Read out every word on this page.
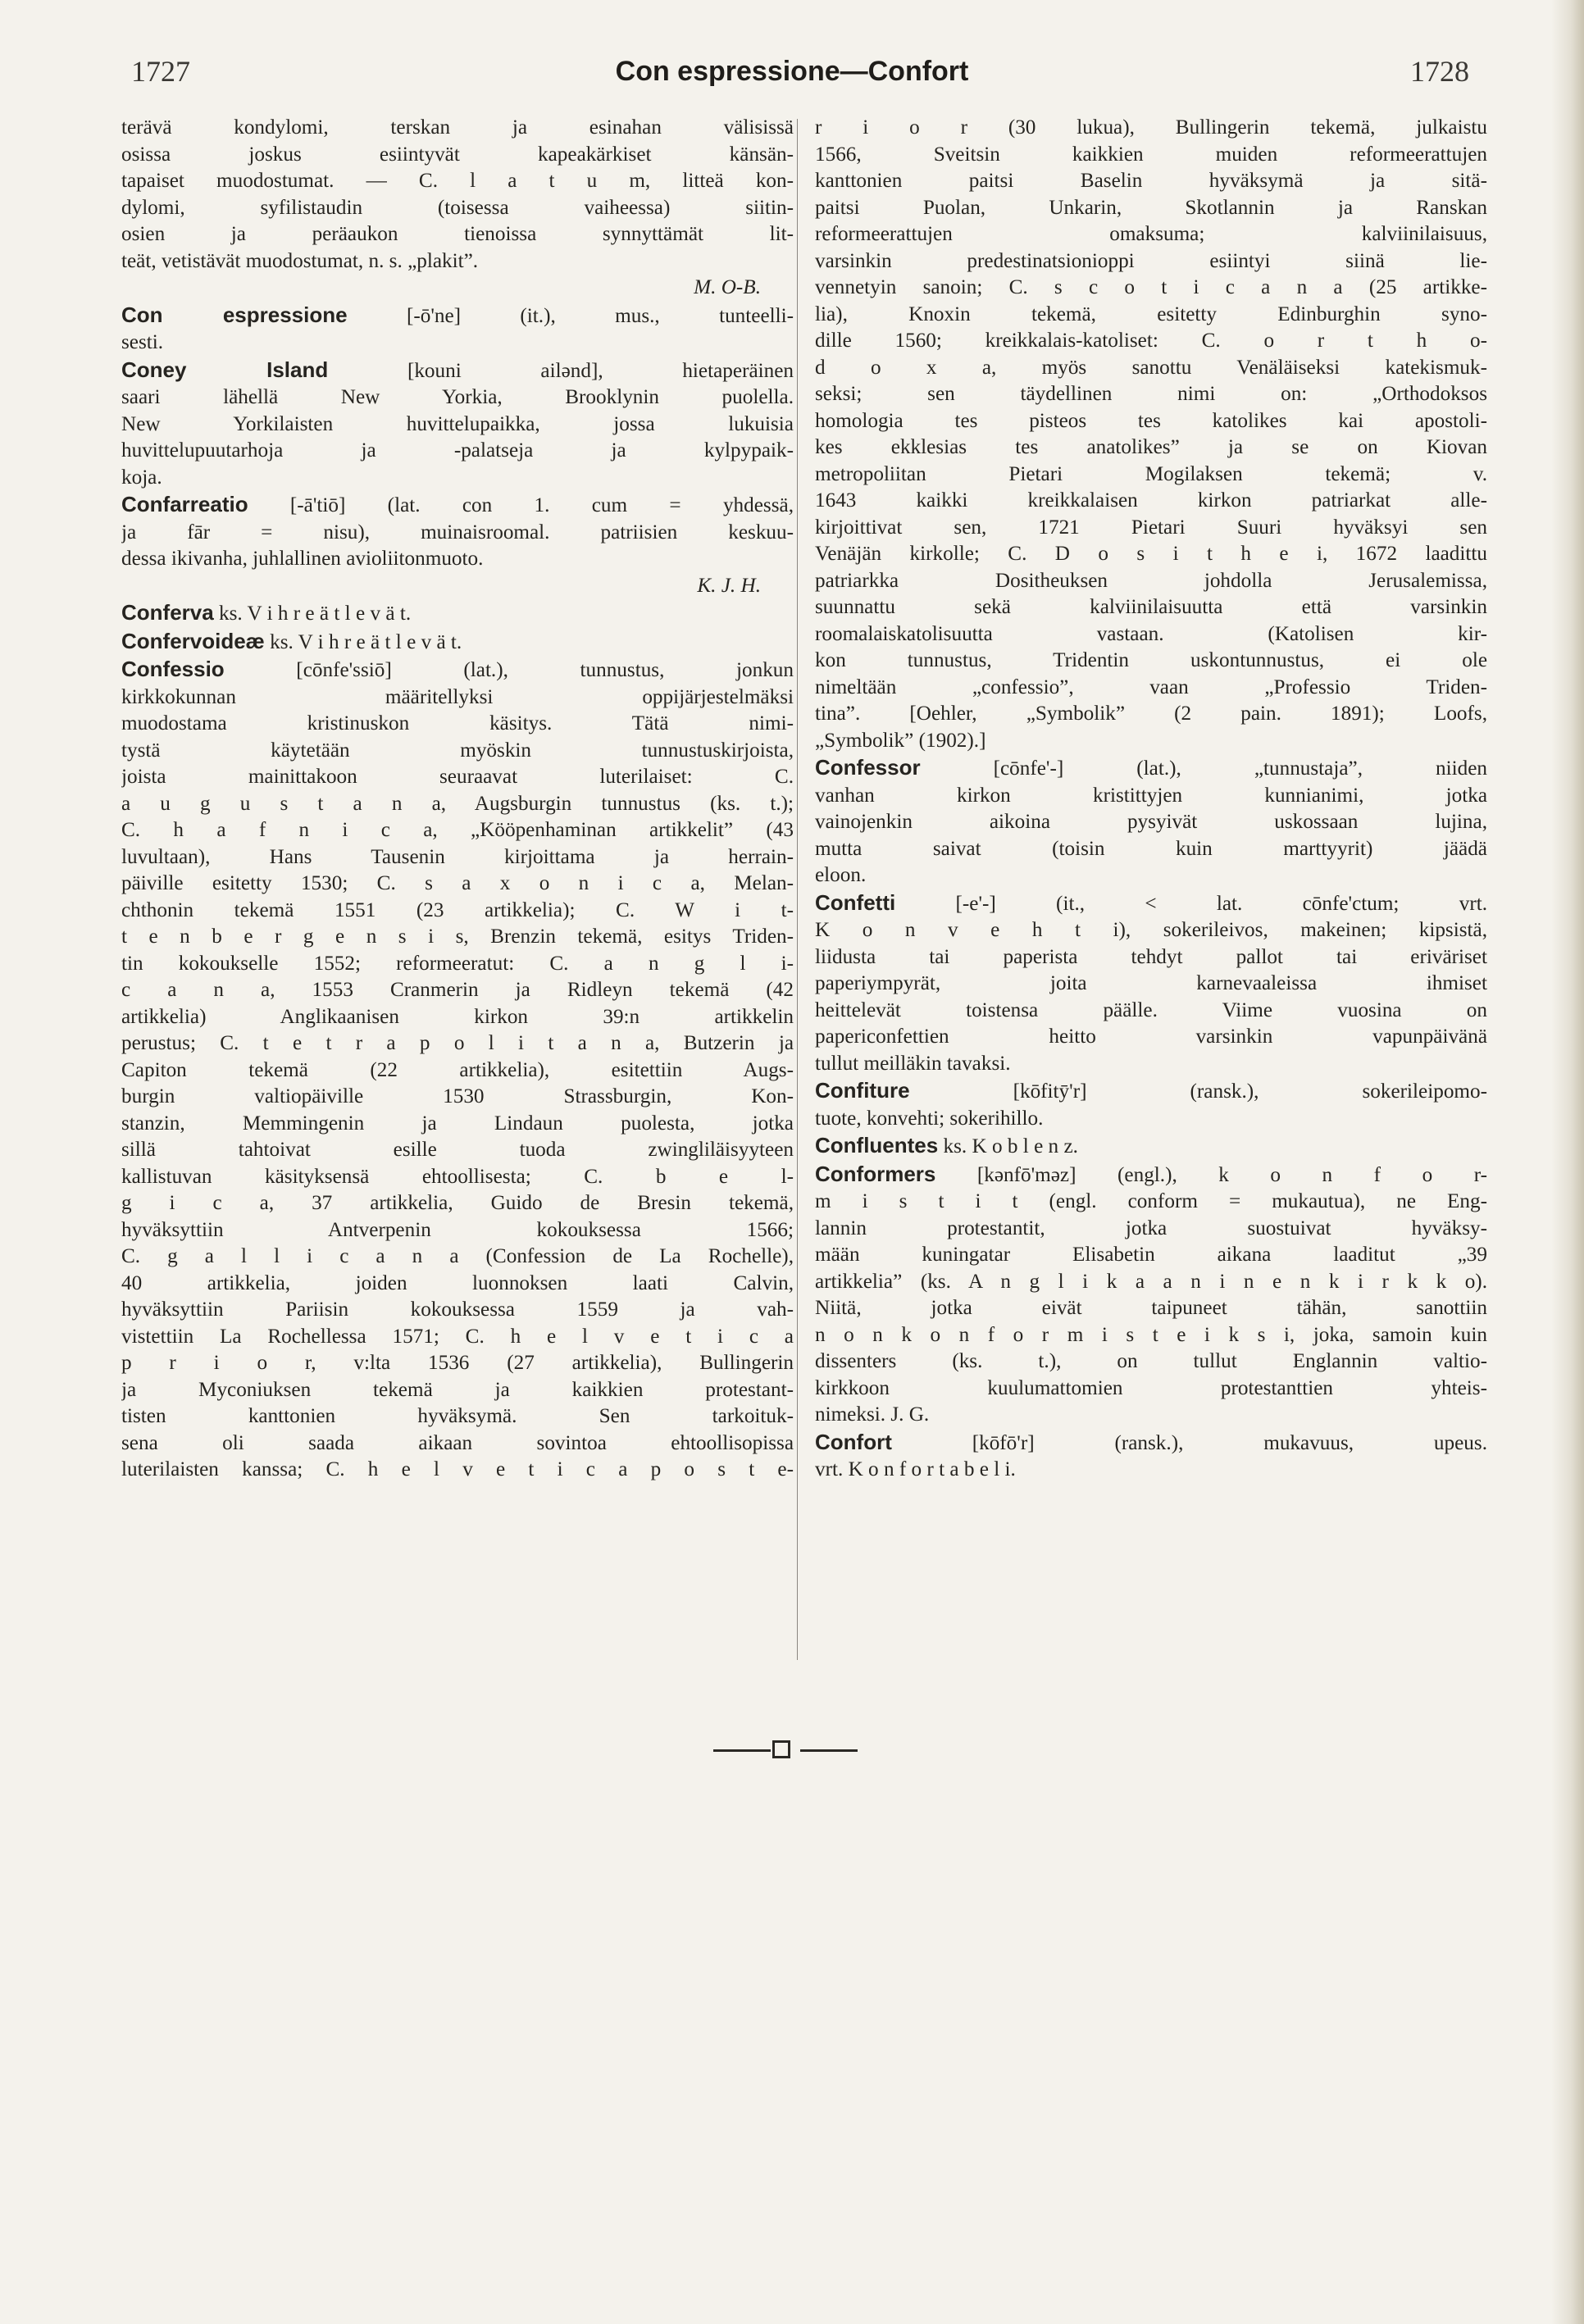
1727	Con espressione—Confort	1728
terävä kondylomi, terskan ja esinahan välisissä
osissa joskus esiintyvät kapeakärkiset känsän-
tapaiset muodostumat. — C. l a t u m, litteä kon-
dylomi, syfilistaudin (toisessa vaiheessa) siitin-
osien ja peräaukon tienoissa synnyttämät lit-
teät, vetistävät muodostumat, n. s. „plakit”.
M. O-B.
Con espressione [-ō'ne] (it.), mus., tunteelli-
sesti.
Coney Island [kouni ailənd], hietaperäinen
saari lähellä New Yorkia, Brooklynin puolella.
New Yorkilaisten huvittelupaikka, jossa lukuisia
huvittelupuutarhoja ja -palatseja ja kylpypaik-
koja.
Confarreatio [-ā'tiō] (lat. con 1. cum = yhdessä,
ja fār = nisu), muinaisroomal. patriisien keskuu-
dessa ikivanha, juhlallinen avioliitonmuoto.
K. J. H.
Conferva ks. V i h r e ä t l e v ä t.
Confervoideæ ks. V i h r e ä t l e v ä t.
Confessio [cōnfe'ssiō] (lat.), tunnustus, jonkun
kirkkokunnan määritellyksi oppijärjestelmäksi
muodostama kristinuskon käsitys. Tätä nimi-
tystä käytetään myöskin tunnustuskirjoista,
joista mainittakoon seuraavat luterilaiset: C.
a u g u s t a n a, Augsburgin tunnustus (ks. t.);
C. h a f n i c a, „Kööpenhaminan artikkelit” (43
luvultaan), Hans Tausenin kirjoittama ja herrain-
päiville esitetty 1530; C. s a x o n i c a, Melan-
chthonin tekemä 1551 (23 artikkelia); C. W i t-
t e n b e r g e n s i s, Brenzin tekemä, esitys Triden-
tin kokoukselle 1552; reformeeratut: C. a n g l i-
c a n a, 1553 Cranmerin ja Ridleyn tekemä (42
artikkelia) Anglikaanisen kirkon 39:n artikkelin
perustus; C. t e t r a p o l i t a n a, Butzerin ja
Capiton tekemä (22 artikkelia), esitettiin Augs-
burgin valtiopäiville 1530 Strassburgin, Kon-
stanzin, Memmingenin ja Lindaun puolesta, jotka
sillä tahtoivat esille tuoda zwingliläisyyteen
kallistuvan käsityksensä ehtoollisesta; C. b e l-
g i c a, 37 artikkelia, Guido de Bresin tekemä,
hyväksyttiin Antverpenin kokouksessa 1566;
C. g a l l i c a n a (Confession de La Rochelle),
40 artikkelia, joiden luonnoksen laati Calvin,
hyväksyttiin Pariisin kokouksessa 1559 ja vah-
vistettiin La Rochellessa 1571; C. h e l v e t i c a
p r i o r, v:lta 1536 (27 artikkelia), Bullingerin
ja Myconiuksen tekemä ja kaikkien protestant-
tisten kanttonien hyväksymä. Sen tarkoituk-
sena oli saada aikaan sovintoa ehtoollisopissa
luterilaisten kanssa; C. h e l v e t i c a p o s t e-
r i o r (30 lukua), Bullingerin tekemä, julkaistu
1566, Sveitsin kaikkien muiden reformeerattujen
kanttonien paitsi Baselin hyväksymä ja sitä-
paitsi Puolan, Unkarin, Skotlannin ja Ranskan
reformeerattujen omaksuma; kalviinilaisuus,
varsinkin predestinatsionioppi esiintyi siinä lie-
vennetyin sanoin; C. s c o t i c a n a (25 artikke-
lia), Knoxin tekemä, esitetty Edinburghin syno-
dille 1560; kreikkalais-katoliset: C. o r t h o-
d o x a, myös sanottu Venäläiseksi katekismuk-
seksi; sen täydellinen nimi on: „Orthodoksos
homologia tes pisteos tes katolikes kai apostoli-
kes ekklesias tes anatolikes” ja se on Kiovan
metropoliitan Pietari Mogilaksen tekemä; v.
1643 kaikki kreikkalaisen kirkon patriarkat alle-
kirjoittivat sen, 1721 Pietari Suuri hyväksyi sen
Venäjän kirkolle; C. D o s i t h e i, 1672 laadittu
patriarkka Dositheuksen johdolla Jerusalemissa,
suunnattu sekä kalviinilaisuutta että varsinkin
roomalaiskatolisuutta vastaan. (Katolisen kir-
kon tunnustus, Tridentin uskontunnustus, ei ole
nimeltään „confessio”, vaan „Professio Triden-
tina”. [Oehler, „Symbolik” (2 pain. 1891); Loofs,
„Symbolik” (1902).]
Confessor [cōnfe'-] (lat.), „tunnustaja”, niiden
vanhan kirkon kristittyjen kunnianimi, jotka
vainojenkin aikoina pysyivät uskossaan lujina,
mutta saivat (toisin kuin marttyyrit) jäädä
eloon.
Confetti [-e'-] (it., < lat. cōnfe'ctum; vrt.
K o n v e h t i), sokerileivos, makeinen; kipsistä,
liidusta tai paperista tehdyt pallot tai eriväriset
paperiympyrät, joita karnevaaleissa ihmiset
heittelevät toistensa päälle. Viime vuosina on
papericonfettien heitto varsinkin vapunpäivänä
tullut meilläkin tavaksi.
Confiture [kōfitȳ'r] (ransk.), sokerileipomo-
tuote, konvehti; sokerihillo.
Confluentes ks. K o b l e n z.
Conformers [kənfō'məz] (engl.), k o n f o r-
m i s t i t (engl. conform = mukautua), ne Eng-
lannin protestantit, jotka suostuivat hyväksy-
mään kuningatar Elisabetin aikana laaditut „39
artikkelia” (ks. A n g l i k a a n i n e n k i r k k o).
Niitä, jotka eivät taipuneet tähän, sanottiin
n o n k o n f o r m i s t e i k s i, joka, samoin kuin
dissenters (ks. t.), on tullut Englannin valtio-
kirkkoon kuulumattomien protestanttien yhteis-
nimeksi. J. G.
Confort [kōfō'r] (ransk.), mukavuus, upeus.
vrt. K o n f o r t a b e l i.
